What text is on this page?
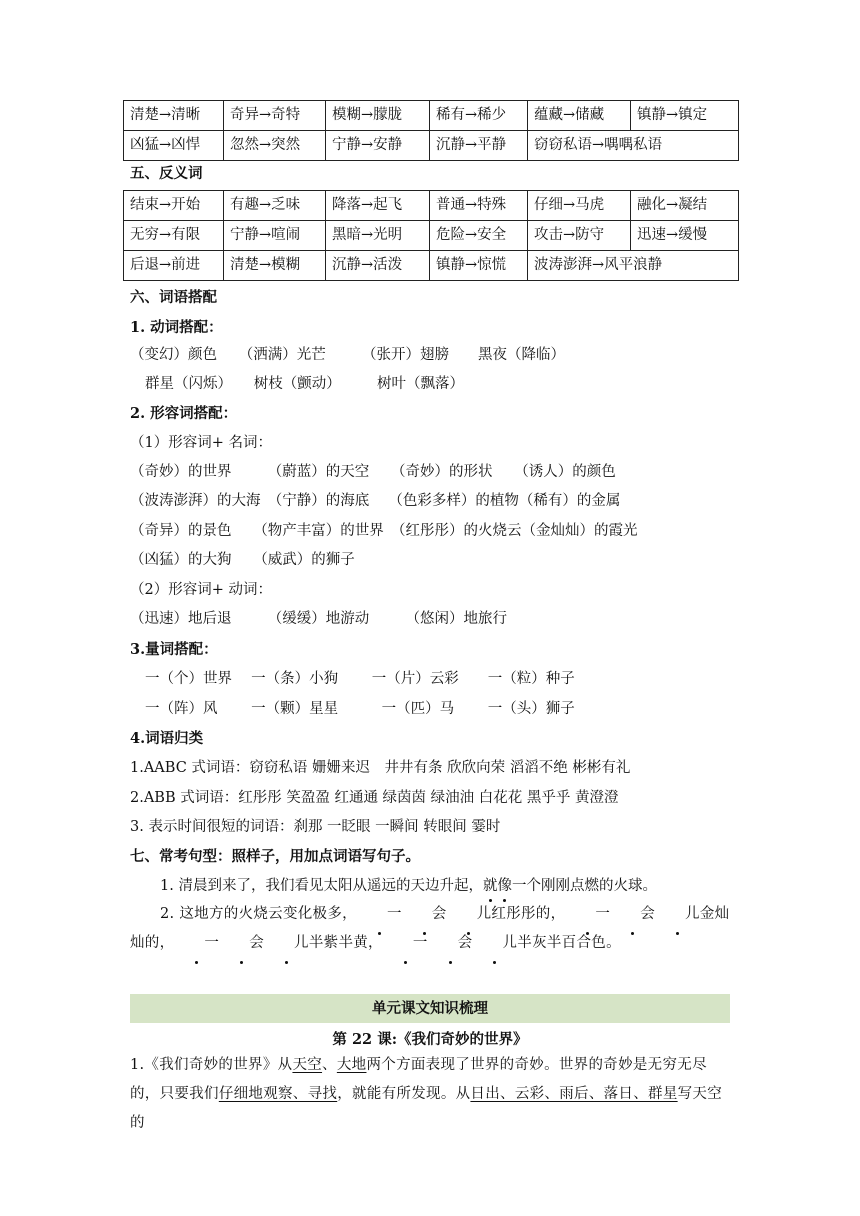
清楚→清晰	奇异→奇特	模糊→朦胧	稀有→稀少	蕴藏→储藏	镇静→镇定
凶猛→凶悍	忽然→突然	宁静→安静	沉静→平静	窃窃私语→喁喁私语	
五、反义词
结束→开始	有趣→乏味	降落→起飞	普通→特殊	仔细→马虎	融化→凝结
无穷→有限	宁静→喧闹	黑暗→光明	危险→安全	攻击→防守	迅速→缓慢
后退→前进	清楚→模糊	沉静→活泼	镇静→惊慌	波涛澎湃→风平浪静	
六、词语搭配
1. 动词搭配：
（变幻）颜色　　（洒满）光芒　　　（张开）翅膀　　黑夜（降临）
群星（闪烁）　　树枝（颤动）　　　树叶（飘落）
2. 形容词搭配：
（1）形容词+ 名词：
（奇妙）的世界　　　（蔚蓝）的天空　　（奇妙）的形状　　（诱人）的颜色
（波涛澎湃）的大海　（宁静）的海底　 （色彩多样）的植物（稀有）的金属
（奇异）的景色　　（物产丰富）的世界　（红彤彤）的火烧云（金灿灿）的霞光
（凶猛）的大狗　　（威武）的狮子
（2）形容词+ 动词：
（迅速）地后退　　　（缓缓）地游动　　　（悠闲）地旅行
3.量词搭配：
一（个）世界　 一（条）小狗　　 一（片）云彩　　一（粒）种子
一（阵）风　　 一（颗）星星　　　一（匹）马　　 一（头）狮子
4.词语归类
1.AABC 式词语：窃窃私语 姗姗来迟　井井有条 欣欣向荣 滔滔不绝 彬彬有礼
2.ABB 式词语：红彤彤 笑盈盈 红通通 绿茵茵 绿油油 白花花 黑乎乎 黄澄澄
3. 表示时间很短的词语：刹那 一眨眼 一瞬间 转眼间 霎时
七、常考句型：照样子，用加点词语写句子。
1. 清晨到来了，我们看见太阳从遥远的天边升起，就像一个刚刚点燃的火球。
2. 这地方的火烧云变化极多， 一 会 儿红彤彤的， 一 会 儿金灿灿的， 一 会 儿半紫半黄， 一 会 儿半灰半百合色。
单元课文知识梳理
第 22 课:《我们奇妙的世界》
1.《我们奇妙的世界》从天空、大地两个方面表现了世界的奇妙。世界的奇妙是无穷无尽的，只要我们仔细地观察、寻找，就能有所发现。从日出、云彩、雨后、落日、群星写天空的
